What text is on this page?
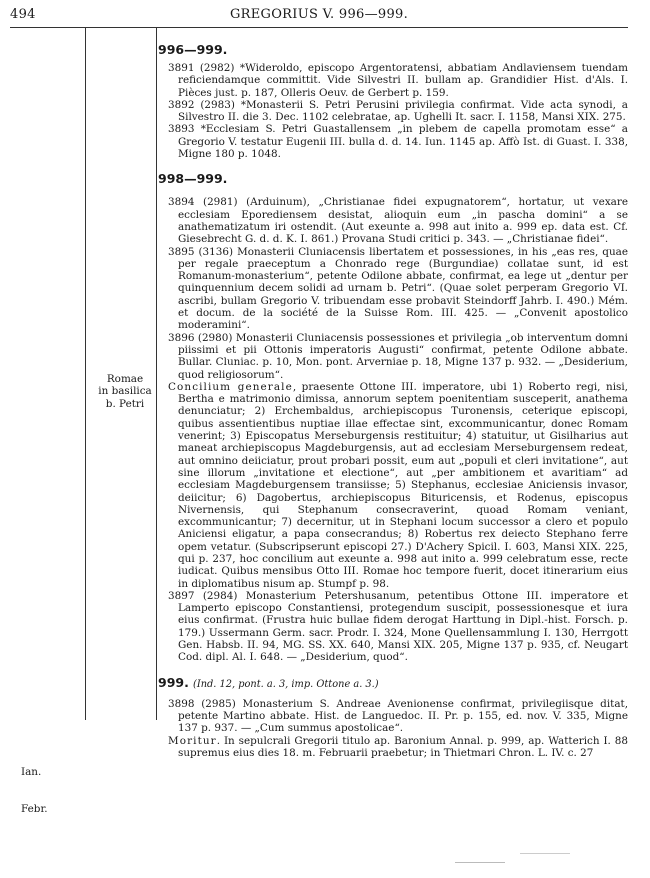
494	GREGORIUS V. 996—999.
Romae
in basilica
b. Petri
Ian.
Febr.
996—999.
3891 (2982) *Wideroldo, episcopo Argentoratensi, abbatiam Andlaviensem tuendam reficiendamque committit. Vide Silvestri II. bullam ap. Grandidier Hist. d'Als. I. Pièces just. p. 187, Olleris Oeuv. de Gerbert p. 159.
3892 (2983) *Monasterii S. Petri Perusini privilegia confirmat. Vide acta synodi, a Silvestro II. die 3. Dec. 1102 celebratae, ap. Ughelli It. sacr. I. 1158, Mansi XIX. 275.
3893 *Ecclesiam S. Petri Guastallensem „in plebem de capella promotam esse“ a Gregorio V. testatur Eugenii III. bulla d. d. 14. Iun. 1145 ap. Affò Ist. di Guast. I. 338, Migne 180 p. 1048.
998—999.
3894 (2981) (Arduinum), „Christianae fidei expugnatorem“, hortatur, ut vexare ecclesiam Eporediensem desistat, alioquin eum „in pascha domini“ a se anathematizatum iri ostendit. (Aut exeunte a. 998 aut inito a. 999 ep. data est. Cf. Giesebrecht G. d. d. K. I. 861.) Provana Studi critici p. 343. — „Christianae fidei“.
3895 (3136) Monasterii Cluniacensis libertatem et possessiones, in his „eas res, quae per regale praeceptum a Chonrado rege (Burgundiae) collatae sunt, id est Romanum-monasterium“, petente Odilone abbate, confirmat, ea lege ut „dentur per quinquennium decem solidi ad urnam b. Petri“. (Quae solet perperam Gregorio VI. ascribi, bullam Gregorio V. tribuendam esse probavit Steindorff Jahrb. I. 490.) Mém. et docum. de la société de la Suisse Rom. III. 425. — „Convenit apostolico moderamini“.
3896 (2980) Monasterii Cluniacensis possessiones et privilegia „ob interventum domni piissimi et pii Ottonis imperatoris Augusti“ confirmat, petente Odilone abbate. Bullar. Cluniac. p. 10, Mon. pont. Arverniae p. 18, Migne 137 p. 932. — „Desiderium, quod religiosorum“.
Concilium generale, praesente Ottone III. imperatore, ubi 1) Roberto regi, nisi, Bertha e matrimonio dimissa, annorum septem poenitentiam susceperit, anathema denunciatur; 2) Erchembaldus, archiepiscopus Turonensis, ceterique episcopi, quibus assentientibus nuptiae illae effectae sint, excommunicantur, donec Romam venerint; 3) Episcopatus Merseburgensis restituitur; 4) statuitur, ut Gisilharius aut maneat archiepiscopus Magdeburgensis, aut ad ecclesiam Merseburgensem redeat, aut omnino deiiciatur, prout probari possit, eum aut „populi et cleri invitatione“, aut sine illorum „invitatione et electione“, aut „per ambitionem et avaritiam“ ad ecclesiam Magdeburgensem transiisse; 5) Stephanus, ecclesiae Aniciensis invasor, deiicitur; 6) Dagobertus, archiepiscopus Bituricensis, et Rodenus, episcopus Nivernensis, qui Stephanum consecraverint, quoad Romam veniant, excommunicantur; 7) decernitur, ut in Stephani locum successor a clero et populo Aniciensi eligatur, a papa consecrandus; 8) Robertus rex deiecto Stephano ferre opem vetatur. (Subscripserunt episcopi 27.) D'Achery Spicil. I. 603, Mansi XIX. 225, qui p. 237, hoc concilium aut exeunte a. 998 aut inito a. 999 celebratum esse, recte iudicat. Quibus mensibus Otto III. Romae hoc tempore fuerit, docet itinerarium eius in diplomatibus nisum ap. Stumpf p. 98.
3897 (2984) Monasterium Petershusanum, petentibus Ottone III. imperatore et Lamperto episcopo Constantiensi, protegendum suscipit, possessionesque et iura eius confirmat. (Frustra huic bullae fidem derogat Harttung in Dipl.-hist. Forsch. p. 179.) Ussermann Germ. sacr. Prodr. I. 324, Mone Quellensammlung I. 130, Herrgott Gen. Habsb. II. 94, MG. SS. XX. 640, Mansi XIX. 205, Migne 137 p. 935, cf. Neugart Cod. dipl. Al. I. 648. — „Desiderium, quod“.
999. (Ind. 12, pont. a. 3, imp. Ottone a. 3.)
3898 (2985) Monasterium S. Andreae Avenionense confirmat, privilegiisque ditat, petente Martino abbate. Hist. de Languedoc. II. Pr. p. 155, ed. nov. V. 335, Migne 137 p. 937. — „Cum summus apostolicae“.
Moritur. In sepulcrali Gregorii titulo ap. Baronium Annal. p. 999, ap. Watterich I. 88 supremus eius dies 18. m. Februarii praebetur; in Thietmari Chron. L. IV. c. 27
